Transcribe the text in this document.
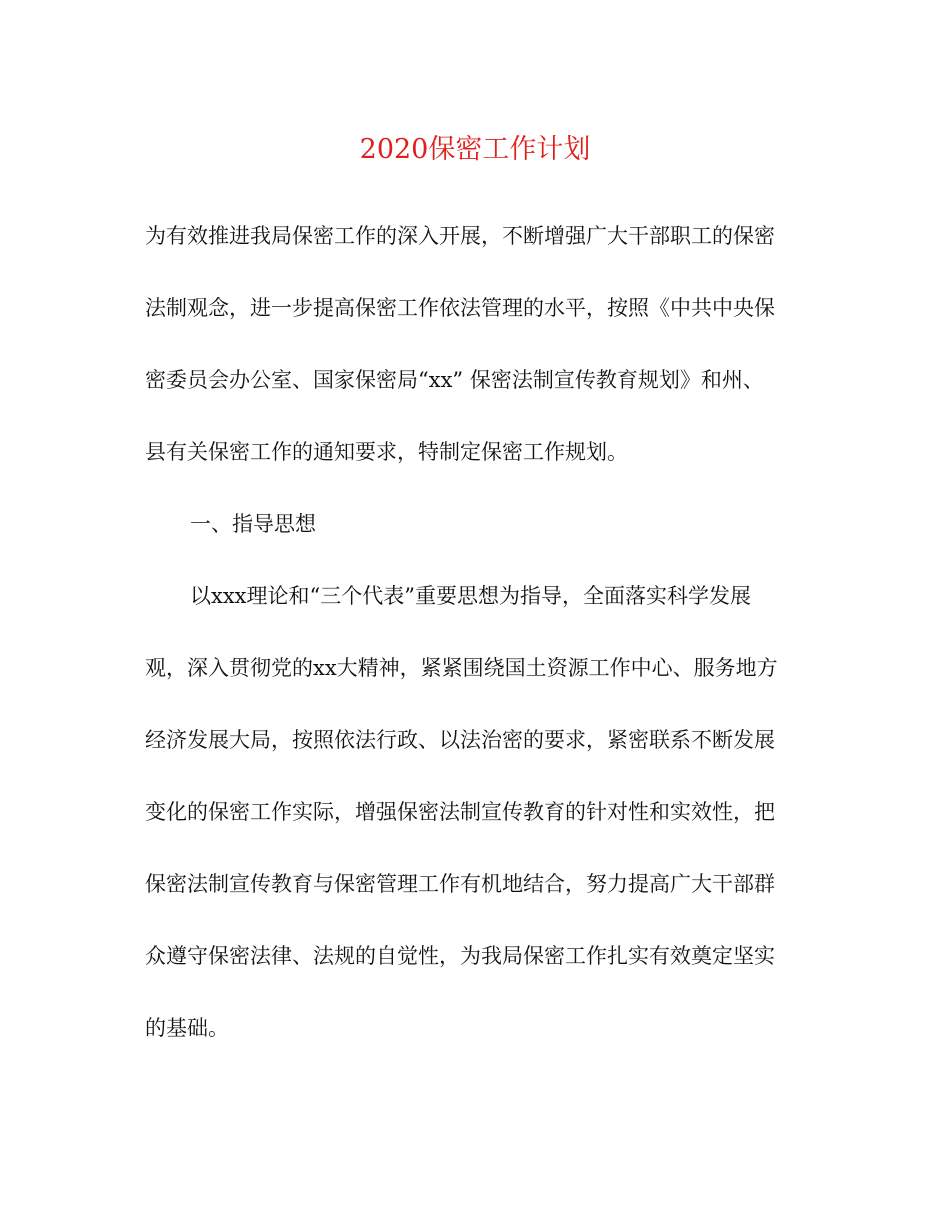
2020保密工作计划
为有效推进我局保密工作的深入开展，不断增强广大干部职工的保密
法制观念，进一步提高保密工作依法管理的水平，按照《中共中央保
密委员会办公室、国家保密局“xx” 保密法制宣传教育规划》和州、
县有关保密工作的通知要求，特制定保密工作规划。
一、指导思想
以xxx理论和“三个代表”重要思想为指导，全面落实科学发展
观，深入贯彻党的xx大精神，紧紧围绕国土资源工作中心、服务地方
经济发展大局，按照依法行政、以法治密的要求，紧密联系不断发展
变化的保密工作实际，增强保密法制宣传教育的针对性和实效性，把
保密法制宣传教育与保密管理工作有机地结合，努力提高广大干部群
众遵守保密法律、法规的自觉性，为我局保密工作扎实有效奠定坚实
的基础。
